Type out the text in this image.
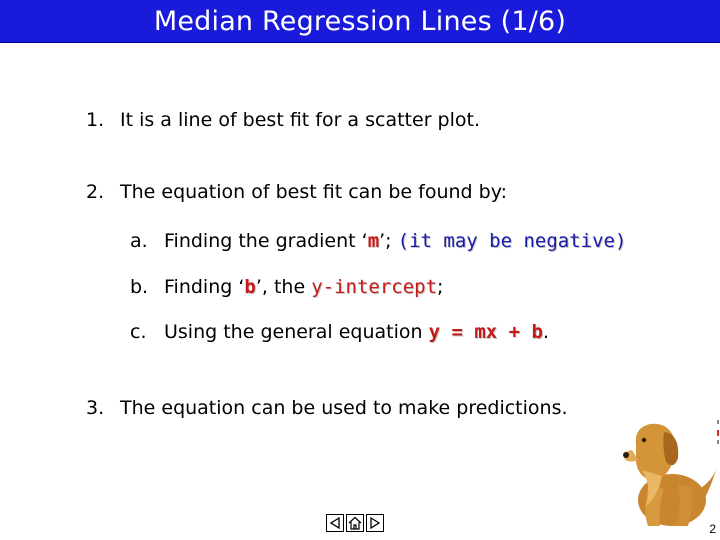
Median Regression Lines (1/6)
1. It is a line of best fit for a scatter plot.
2. The equation of best fit can be found by:
a. Finding the gradient ‘m’; (it may be negative)
b. Finding ‘b’, the y-intercept;
c. Using the general equation y = mx + b.
3. The equation can be used to make predictions.
2
